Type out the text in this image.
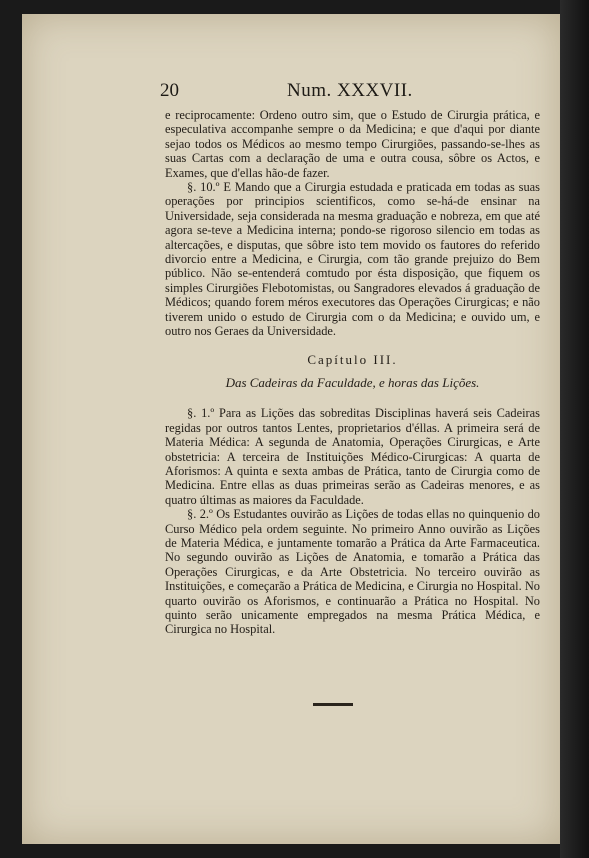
20	Num. XXXVII.

e reciprocamente: Ordeno outro sim, que o Estudo de Cirurgia prática, e especulativa accompanhe sempre o da Medicina; e que d'aqui por diante sejao todos os Médicos ao mesmo tempo Cirurgiões, passando-se-lhes as suas Cartas com a declaração de uma e outra cousa, sôbre os Actos, e Exames, que d'ellas hão-de fazer.

§. 10.º E Mando que a Cirurgia estudada e praticada em todas as suas operações por principios scientificos, como se-há-de ensinar na Universidade, seja considerada na mesma graduação e nobreza, em que até agora se-teve a Medicina interna; pondo-se rigoroso silencio em todas as altercações, e disputas, que sôbre isto tem movido os fautores do referido divorcio entre a Medicina, e Cirurgia, com tão grande prejuizo do Bem público. Não se-entenderá comtudo por ésta disposição, que fiquem os simples Cirurgiões Flebotomistas, ou Sangradores elevados á graduação de Médicos; quando forem méros executores das Operações Cirurgicas; e não tiverem unido o estudo de Cirurgia com o da Medicina; e ouvido um, e outro nos Geraes da Universidade.

Capítulo III.
Das Cadeiras da Faculdade, e horas das Lições.

§. 1.º Para as Lições das sobreditas Disciplinas haverá seis Cadeiras regidas por outros tantos Lentes, proprietarios d'éllas. A primeira será de Materia Médica: A segunda de Anatomia, Operações Cirurgicas, e Arte obstetricia: A terceira de Instituições Médico-Cirurgicas: A quarta de Aforismos: A quinta e sexta ambas de Prática, tanto de Cirurgia como de Medicina. Entre ellas as duas primeiras serão as Cadeiras menores, e as quatro últimas as maiores da Faculdade.

§. 2.º Os Estudantes ouvirão as Lições de todas ellas no quinquenio do Curso Médico pela ordem seguinte. No primeiro Anno ouvirão as Lições de Materia Médica, e juntamente tomarão a Prática da Arte Farmaceutica. No segundo ouvirão as Lições de Anatomia, e tomarão a Prática das Operações Cirurgicas, e da Arte Obstetricia. No terceiro ouvirão as Instituições, e começarão a Prática de Medicina, e Cirurgia no Hospital. No quarto ouvirão os Aforismos, e continuarão a Prática no Hospital. No quinto serão unicamente empregados na mesma Prática Médica, e Cirurgica no Hospital.
